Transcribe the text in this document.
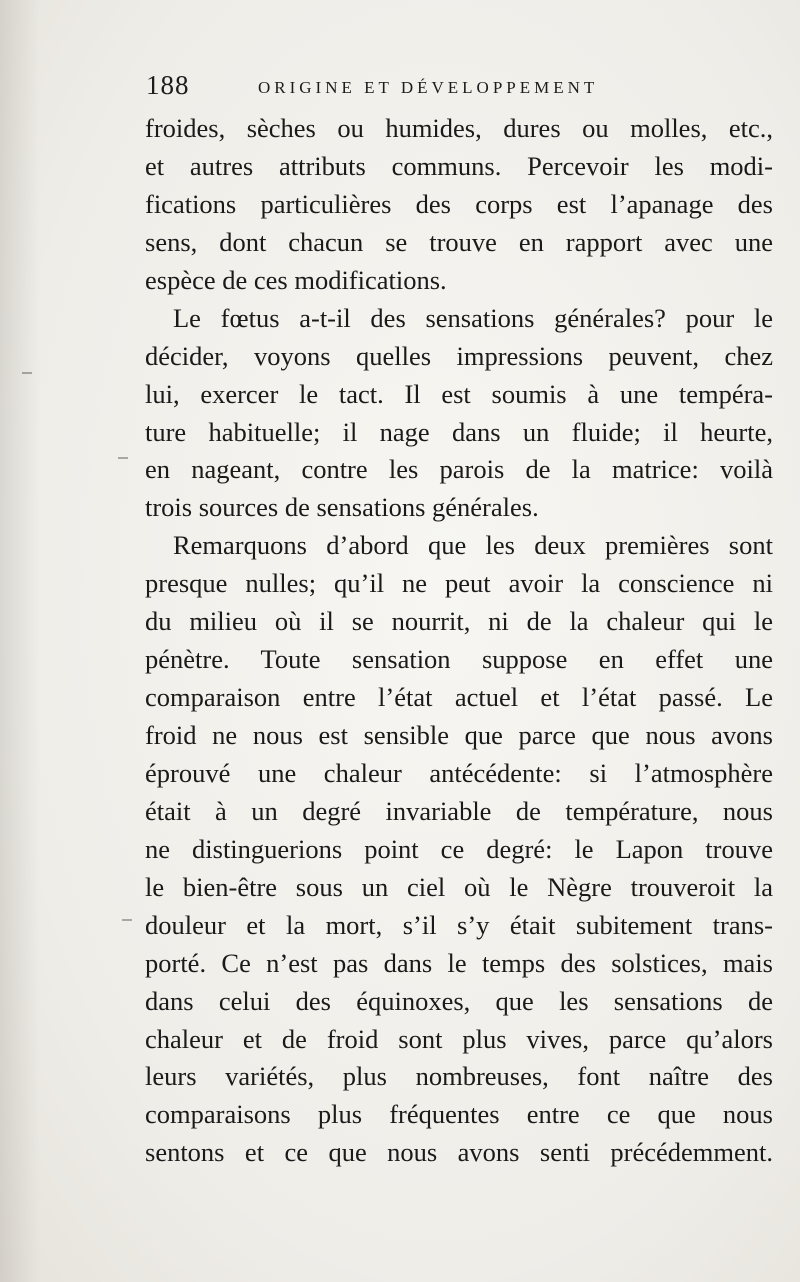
188	ORIGINE ET DÉVELOPPEMENT
froides, sèches ou humides, dures ou molles, etc.,
et autres attributs communs. Percevoir les modi-
fications particulières des corps est l’apanage des
sens, dont chacun se trouve en rapport avec une
espèce de ces modifications.
Le fœtus a-t-il des sensations générales? pour le
décider, voyons quelles impressions peuvent, chez
lui, exercer le tact. Il est soumis à une tempéra-
ture habituelle; il nage dans un fluide; il heurte,
en nageant, contre les parois de la matrice: voilà
trois sources de sensations générales.
Remarquons d’abord que les deux premières sont
presque nulles; qu’il ne peut avoir la conscience ni
du milieu où il se nourrit, ni de la chaleur qui le
pénètre. Toute sensation suppose en effet une
comparaison entre l’état actuel et l’état passé. Le
froid ne nous est sensible que parce que nous avons
éprouvé une chaleur antécédente: si l’atmosphère
était à un degré invariable de température, nous
ne distinguerions point ce degré: le Lapon trouve
le bien-être sous un ciel où le Nègre trouveroit la
douleur et la mort, s’il s’y était subitement trans-
porté. Ce n’est pas dans le temps des solstices, mais
dans celui des équinoxes, que les sensations de
chaleur et de froid sont plus vives, parce qu’alors
leurs variétés, plus nombreuses, font naître des
comparaisons plus fréquentes entre ce que nous
sentons et ce que nous avons senti précédemment.
